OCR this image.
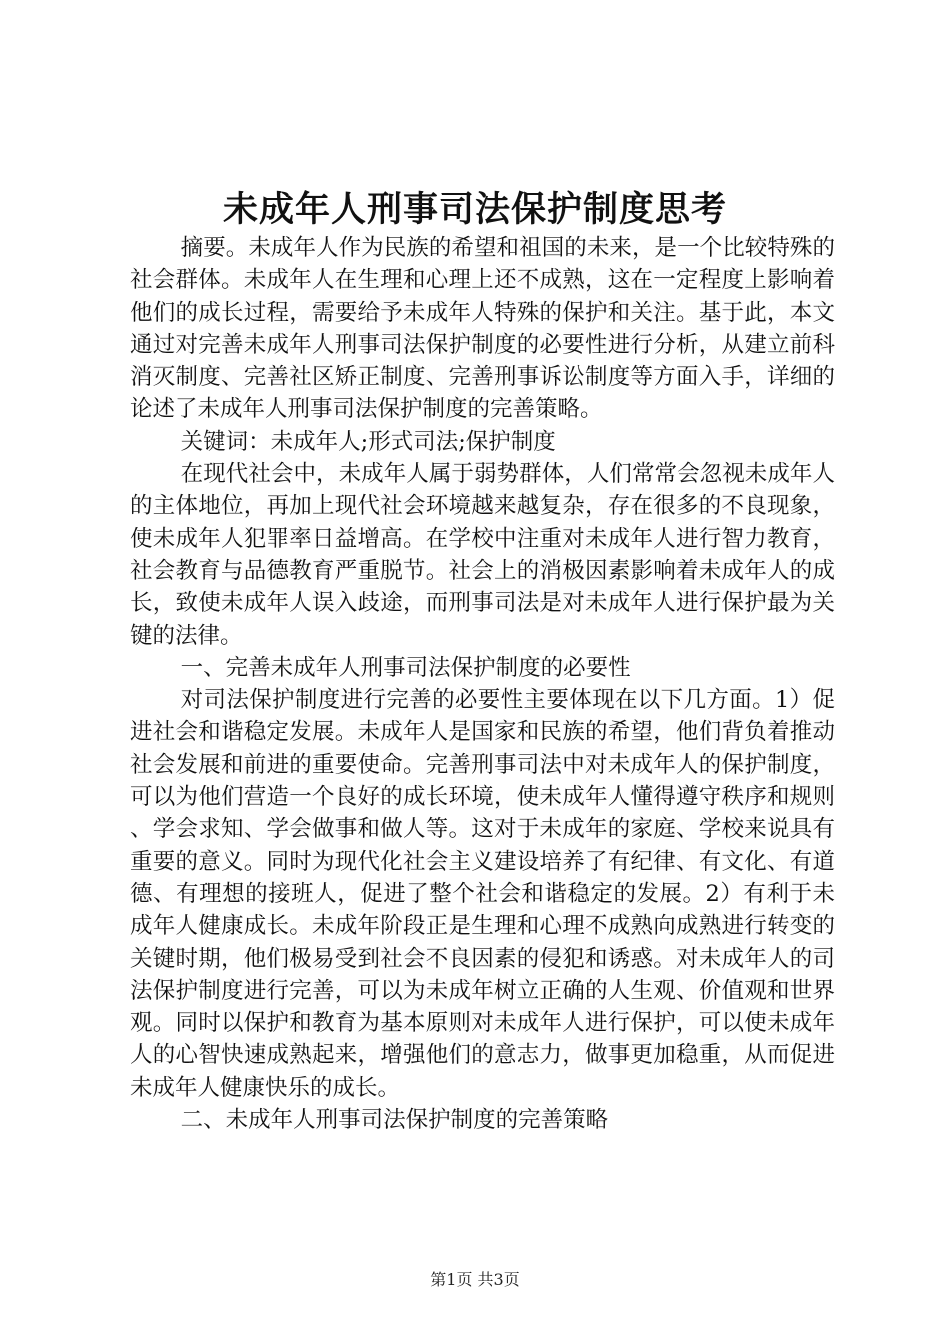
未成年人刑事司法保护制度思考

摘要。未成年人作为民族的希望和祖国的未来，是一个比较特殊的社会群体。未成年人在生理和心理上还不成熟，这在一定程度上影响着他们的成长过程，需要给予未成年人特殊的保护和关注。基于此，本文通过对完善未成年人刑事司法保护制度的必要性进行分析，从建立前科消灭制度、完善社区矫正制度、完善刑事诉讼制度等方面入手，详细的论述了未成年人刑事司法保护制度的完善策略。

关键词：未成年人;形式司法;保护制度

在现代社会中，未成年人属于弱势群体，人们常常会忽视未成年人的主体地位，再加上现代社会环境越来越复杂，存在很多的不良现象，使未成年人犯罪率日益增高。在学校中注重对未成年人进行智力教育，社会教育与品德教育严重脱节。社会上的消极因素影响着未成年人的成长，致使未成年人误入歧途，而刑事司法是对未成年人进行保护最为关键的法律。

一、完善未成年人刑事司法保护制度的必要性

对司法保护制度进行完善的必要性主要体现在以下几方面。1）促进社会和谐稳定发展。未成年人是国家和民族的希望，他们背负着推动社会发展和前进的重要使命。完善刑事司法中对未成年人的保护制度，可以为他们营造一个良好的成长环境，使未成年人懂得遵守秩序和规则、学会求知、学会做事和做人等。这对于未成年的家庭、学校来说具有重要的意义。同时为现代化社会主义建设培养了有纪律、有文化、有道德、有理想的接班人，促进了整个社会和谐稳定的发展。2）有利于未成年人健康成长。未成年阶段正是生理和心理不成熟向成熟进行转变的关键时期，他们极易受到社会不良因素的侵犯和诱惑。对未成年人的司法保护制度进行完善，可以为未成年树立正确的人生观、价值观和世界观。同时以保护和教育为基本原则对未成年人进行保护，可以使未成年人的心智快速成熟起来，增强他们的意志力，做事更加稳重，从而促进未成年人健康快乐的成长。

二、未成年人刑事司法保护制度的完善策略

第1页 共3页
